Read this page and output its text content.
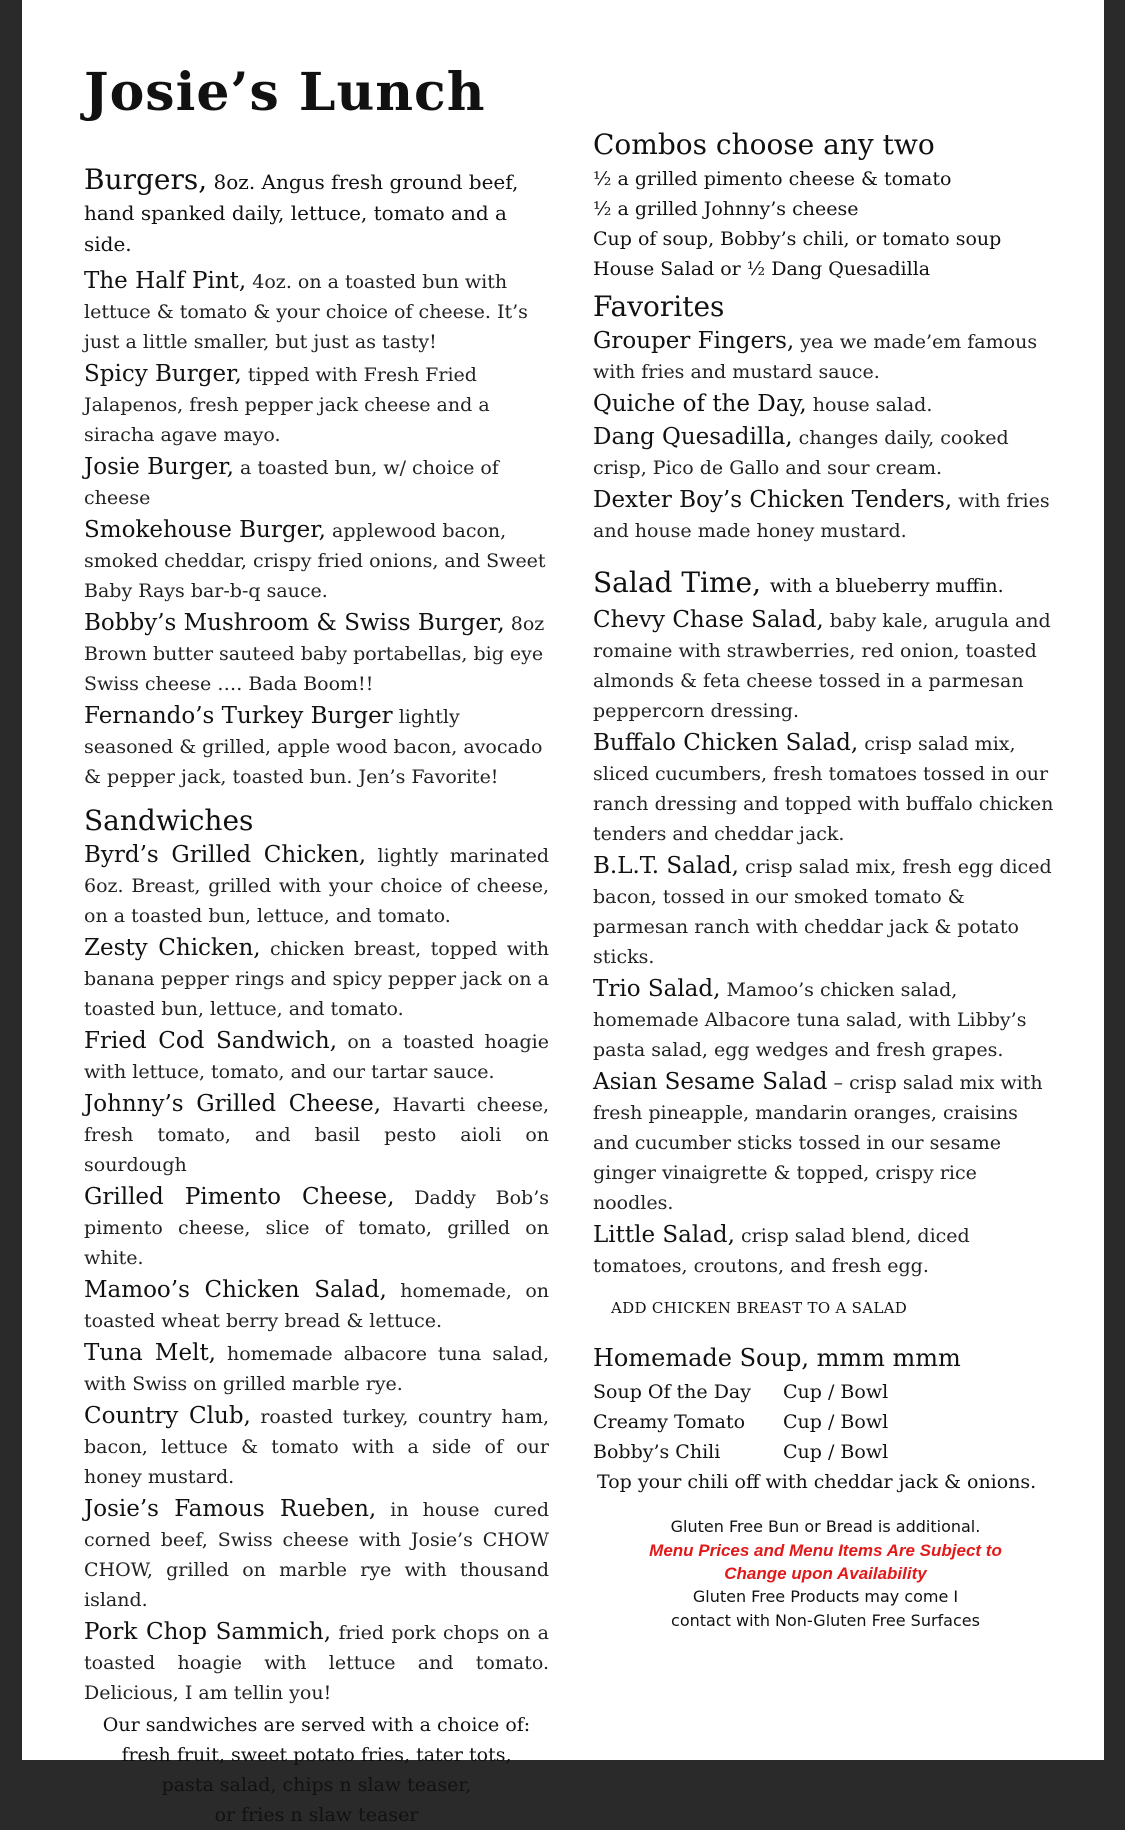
Josie’s Lunch
Burgers, 8oz. Angus fresh ground beef, hand spanked daily, lettuce, tomato and a side.
The Half Pint, 4oz. on a toasted bun with lettuce & tomato & your choice of cheese. It’s just a little smaller, but just as tasty!
Spicy Burger, tipped with Fresh Fried Jalapenos, fresh pepper jack cheese and a siracha agave mayo.
Josie Burger, a toasted bun, w/ choice of cheese
Smokehouse Burger, applewood bacon, smoked cheddar, crispy fried onions, and Sweet Baby Rays bar-b-q sauce.
Bobby’s Mushroom & Swiss Burger, 8oz Brown butter sauteed baby portabellas, big eye Swiss cheese …. Bada Boom!!
Fernando’s Turkey Burger lightly seasoned & grilled, apple wood bacon, avocado & pepper jack, toasted bun. Jen’s Favorite!
Sandwiches
Byrd’s Grilled Chicken, lightly marinated 6oz. Breast, grilled with your choice of cheese, on a toasted bun, lettuce, and tomato.
Zesty Chicken, chicken breast, topped with banana pepper rings and spicy pepper jack on a toasted bun, lettuce, and tomato.
Fried Cod Sandwich, on a toasted hoagie with lettuce, tomato, and our tartar sauce.
Johnny’s Grilled Cheese, Havarti cheese, fresh tomato, and basil pesto aioli on sourdough
Grilled Pimento Cheese, Daddy Bob’s pimento cheese, slice of tomato, grilled on white.
Mamoo’s Chicken Salad, homemade, on toasted wheat berry bread & lettuce.
Tuna Melt, homemade albacore tuna salad, with Swiss on grilled marble rye.
Country Club, roasted turkey, country ham, bacon, lettuce & tomato with a side of our honey mustard.
Josie’s Famous Rueben, in house cured corned beef, Swiss cheese with Josie’s CHOW CHOW, grilled on marble rye with thousand island.
Pork Chop Sammich, fried pork chops on a toasted hoagie with lettuce and tomato. Delicious, I am tellin you!
Our sandwiches are served with a choice of:
fresh fruit, sweet potato fries, tater tots,
pasta salad, chips n slaw teaser,
or fries n slaw teaser
Combos choose any two
½ a grilled pimento cheese & tomato
½ a grilled Johnny’s cheese
Cup of soup, Bobby’s chili, or tomato soup
House Salad or ½ Dang Quesadilla
Favorites
Grouper Fingers, yea we made’em famous with fries and mustard sauce.
Quiche of the Day, house salad.
Dang Quesadilla, changes daily, cooked crisp, Pico de Gallo and sour cream.
Dexter Boy’s Chicken Tenders, with fries and house made honey mustard.
Salad Time, with a blueberry muffin.
Chevy Chase Salad, baby kale, arugula and romaine with strawberries, red onion, toasted almonds & feta cheese tossed in a parmesan peppercorn dressing.
Buffalo Chicken Salad, crisp salad mix, sliced cucumbers, fresh tomatoes tossed in our ranch dressing and topped with buffalo chicken tenders and cheddar jack.
B.L.T. Salad, crisp salad mix, fresh egg diced bacon, tossed in our smoked tomato & parmesan ranch with cheddar jack & potato sticks.
Trio Salad, Mamoo’s chicken salad, homemade Albacore tuna salad, with Libby’s pasta salad, egg wedges and fresh grapes.
Asian Sesame Salad – crisp salad mix with fresh pineapple, mandarin oranges, craisins and cucumber sticks tossed in our sesame ginger vinaigrette & topped, crispy rice noodles.
Little Salad, crisp salad blend, diced tomatoes, croutons, and fresh egg.
ADD CHICKEN BREAST TO A SALAD
Homemade Soup, mmm mmm
Soup Of the Day	Cup / Bowl
Creamy Tomato	Cup / Bowl
Bobby’s Chili	Cup / Bowl
Top your chili off with cheddar jack & onions.
Gluten Free Bun or Bread is additional.
Menu Prices and Menu Items Are Subject to
Change upon Availability
Gluten Free Products may come I
contact with Non-Gluten Free Surfaces
